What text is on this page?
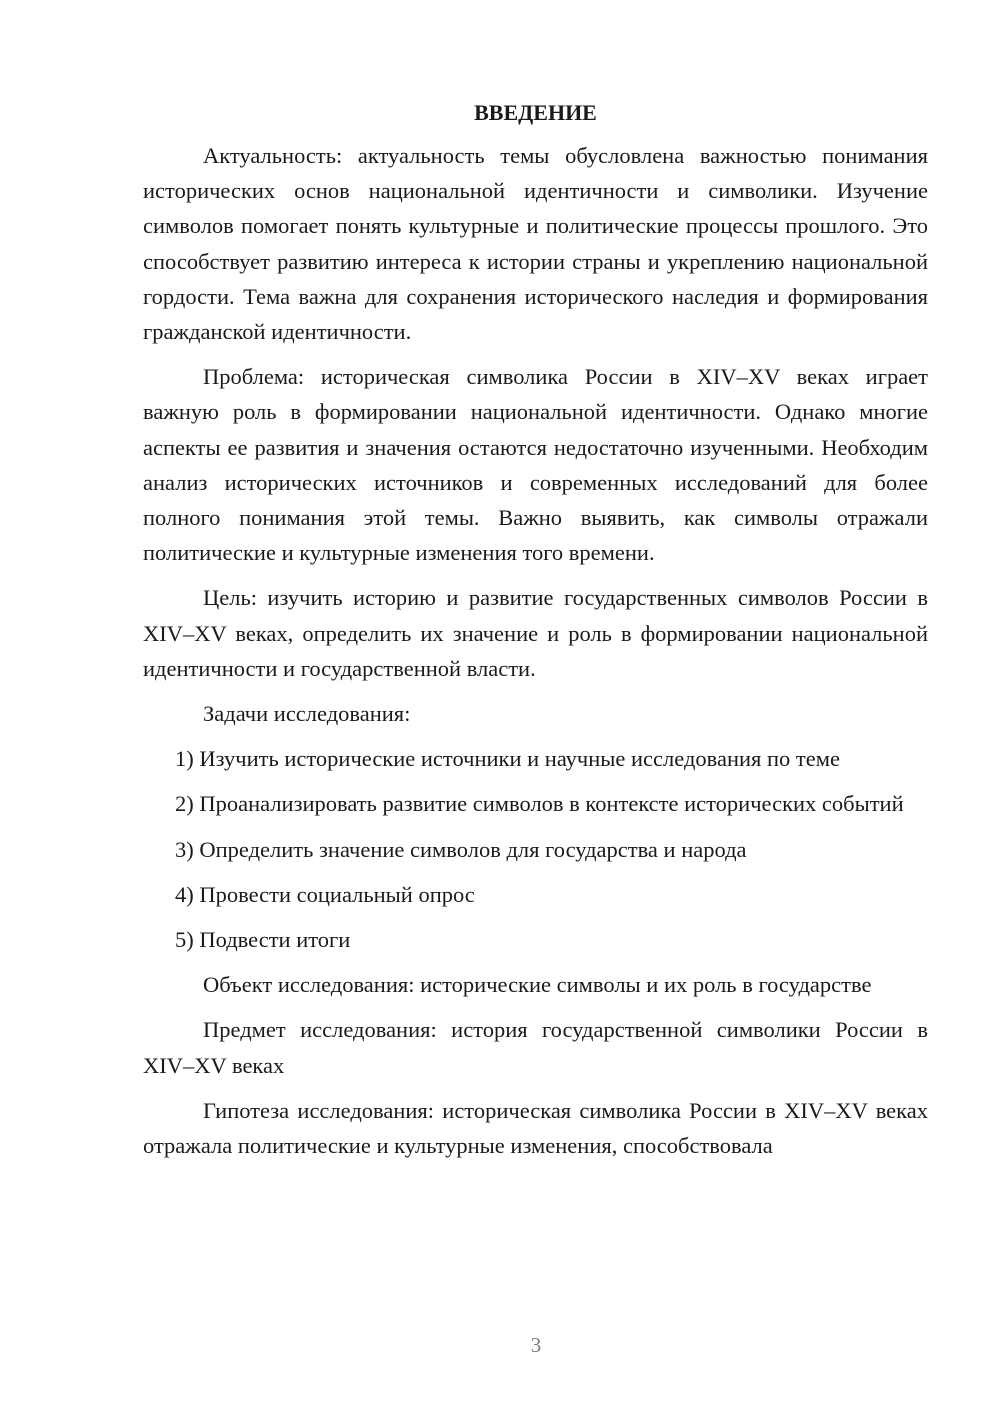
ВВЕДЕНИЕ

Актуальность: актуальность темы обусловлена важностью понимания исторических основ национальной идентичности и символики. Изучение символов помогает понять культурные и политические процессы прошлого. Это способствует развитию интереса к истории страны и укреплению национальной гордости. Тема важна для сохранения исторического наследия и формирования гражданской идентичности.

Проблема: историческая символика России в XIV–XV веках играет важную роль в формировании национальной идентичности. Однако многие аспекты ее развития и значения остаются недостаточно изученными. Необходим анализ исторических источников и современных исследований для более полного понимания этой темы. Важно выявить, как символы отражали политические и культурные изменения того времени.

Цель: изучить историю и развитие государственных символов России в XIV–XV веках, определить их значение и роль в формировании национальной идентичности и государственной власти.

Задачи исследования:

1) Изучить исторические источники и научные исследования по теме

2) Проанализировать развитие символов в контексте исторических событий

3) Определить значение символов для государства и народа

4) Провести социальный опрос

5) Подвести итоги

Объект исследования: исторические символы и их роль в государстве

Предмет исследования: история государственной символики России в XIV–XV веках

Гипотеза исследования: историческая символика России в XIV–XV веках отражала политические и культурные изменения, способствовала

3
